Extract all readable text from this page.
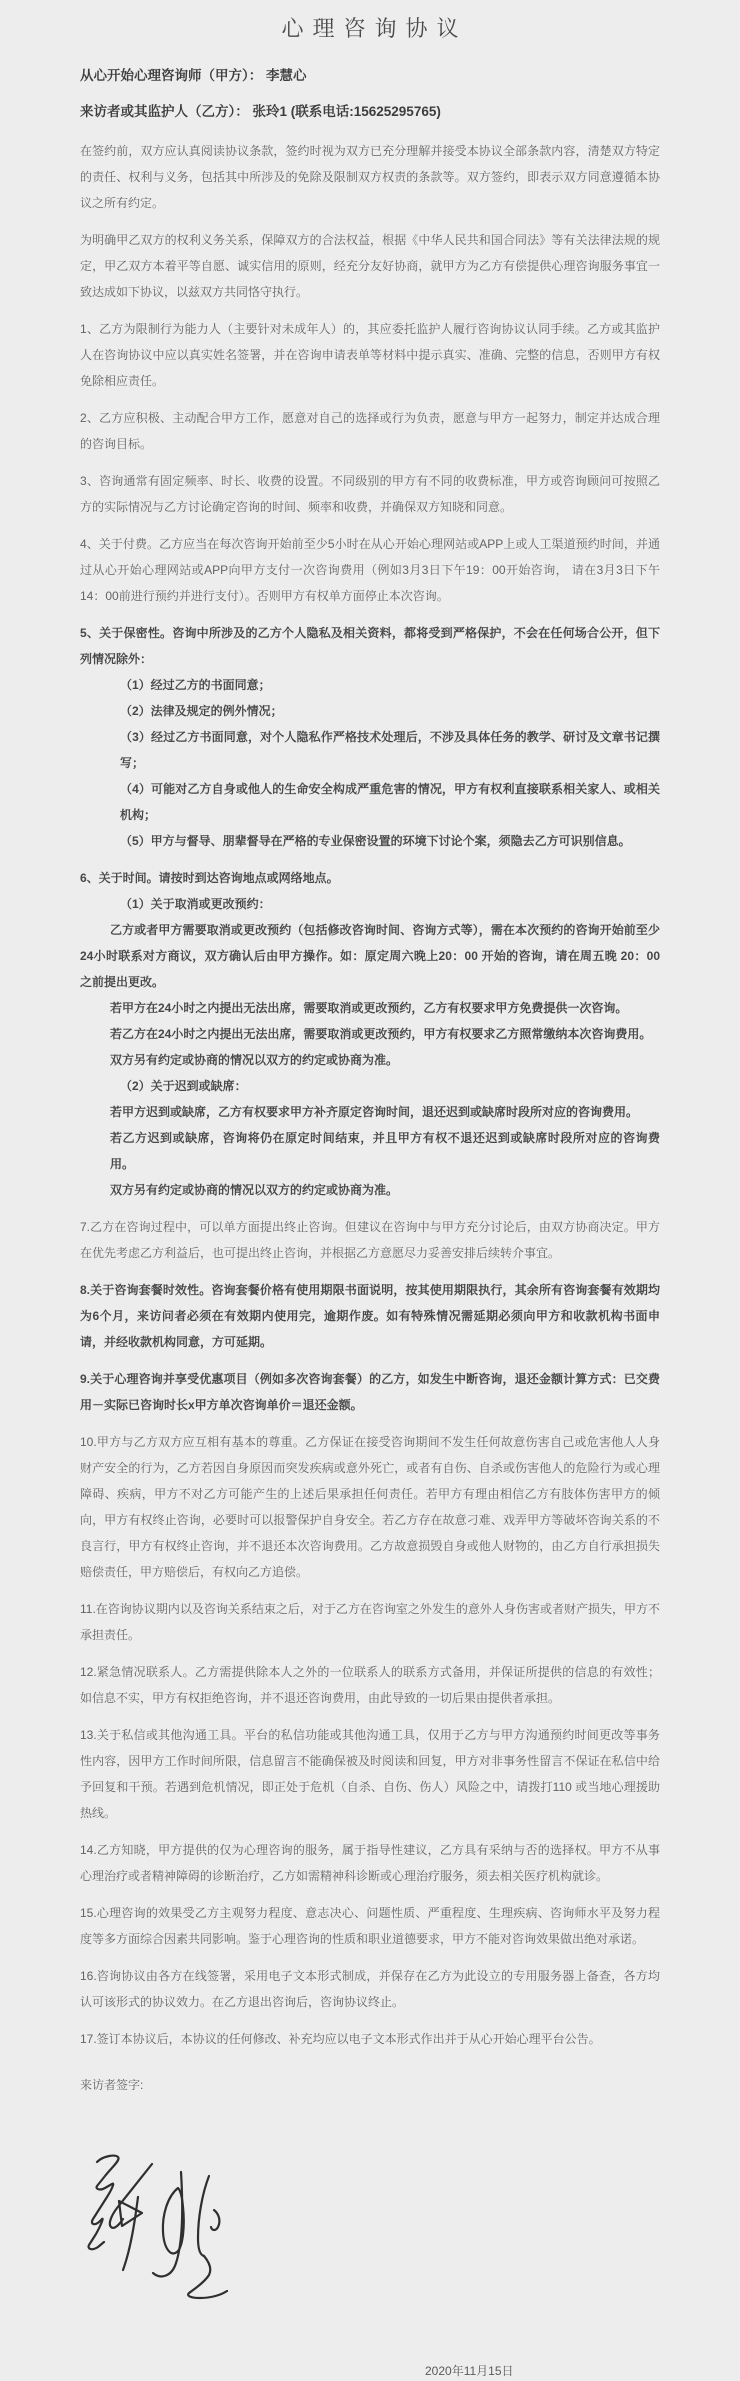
心理咨询协议

从心开始心理咨询师（甲方）： 李慧心

来访者或其监护人（乙方）： 张玲1 (联系电话:15625295765)

在签约前，双方应认真阅读协议条款，签约时视为双方已充分理解并接受本协议全部条款内容，清楚双方特定的责任、权利与义务，包括其中所涉及的免除及限制双方权责的条款等。双方签约，即表示双方同意遵循本协议之所有约定。

为明确甲乙双方的权利义务关系，保障双方的合法权益，根据《中华人民共和国合同法》等有关法律法规的规定，甲乙双方本着平等自愿、诚实信用的原则，经充分友好协商，就甲方为乙方有偿提供心理咨询服务事宜一致达成如下协议，以兹双方共同恪守执行。

1、乙方为限制行为能力人（主要针对未成年人）的，其应委托监护人履行咨询协议认同手续。乙方或其监护人在咨询协议中应以真实姓名签署，并在咨询申请表单等材料中提示真实、准确、完整的信息，否则甲方有权免除相应责任。

2、乙方应积极、主动配合甲方工作，愿意对自己的选择或行为负责，愿意与甲方一起努力，制定并达成合理的咨询目标。

3、咨询通常有固定频率、时长、收费的设置。不同级别的甲方有不同的收费标准，甲方或咨询顾问可按照乙方的实际情况与乙方讨论确定咨询的时间、频率和收费，并确保双方知晓和同意。

4、关于付费。乙方应当在每次咨询开始前至少5小时在从心开始心理网站或APP上或人工渠道预约时间，并通过从心开始心理网站或APP向甲方支付一次咨询费用（例如3月3日下午19：00开始咨询， 请在3月3日下午14：00前进行预约并进行支付）。否则甲方有权单方面停止本次咨询。

5、关于保密性。咨询中所涉及的乙方个人隐私及相关资料，都将受到严格保护，不会在任何场合公开，但下列情况除外：

（1）经过乙方的书面同意；

（2）法律及规定的例外情况；

（3）经过乙方书面同意，对个人隐私作严格技术处理后，不涉及具体任务的教学、研讨及文章书记撰写；

（4）可能对乙方自身或他人的生命安全构成严重危害的情况，甲方有权利直接联系相关家人、或相关机构；

（5）甲方与督导、朋辈督导在严格的专业保密设置的环境下讨论个案，须隐去乙方可识别信息。

6、关于时间。请按时到达咨询地点或网络地点。

（1）关于取消或更改预约：

乙方或者甲方需要取消或更改预约（包括修改咨询时间、咨询方式等），需在本次预约的咨询开始前至少24小时联系对方商议，双方确认后由甲方操作。如：原定周六晚上20：00 开始的咨询，请在周五晚 20：00 之前提出更改。

若甲方在24小时之内提出无法出席，需要取消或更改预约，乙方有权要求甲方免费提供一次咨询。

若乙方在24小时之内提出无法出席，需要取消或更改预约，甲方有权要求乙方照常缴纳本次咨询费用。

双方另有约定或协商的情况以双方的约定或协商为准。

（2）关于迟到或缺席：

若甲方迟到或缺席，乙方有权要求甲方补齐原定咨询时间，退还迟到或缺席时段所对应的咨询费用。

若乙方迟到或缺席，咨询将仍在原定时间结束，并且甲方有权不退还迟到或缺席时段所对应的咨询费用。

双方另有约定或协商的情况以双方的约定或协商为准。

7.乙方在咨询过程中，可以单方面提出终止咨询。但建议在咨询中与甲方充分讨论后，由双方协商决定。甲方在优先考虑乙方利益后，也可提出终止咨询，并根据乙方意愿尽力妥善安排后续转介事宜。

8.关于咨询套餐时效性。咨询套餐价格有使用期限书面说明，按其使用期限执行，其余所有咨询套餐有效期均为6个月，来访问者必须在有效期内使用完，逾期作废。如有特殊情况需延期必须向甲方和收款机构书面申请，并经收款机构同意，方可延期。

9.关于心理咨询并享受优惠项目（例如多次咨询套餐）的乙方，如发生中断咨询，退还金额计算方式：已交费用－实际已咨询时长x甲方单次咨询单价＝退还金额。

10.甲方与乙方双方应互相有基本的尊重。乙方保证在接受咨询期间不发生任何故意伤害自己或危害他人人身财产安全的行为，乙方若因自身原因而突发疾病或意外死亡，或者有自伤、自杀或伤害他人的危险行为或心理障碍、疾病，甲方不对乙方可能产生的上述后果承担任何责任。若甲方有理由相信乙方有肢体伤害甲方的倾向，甲方有权终止咨询，必要时可以报警保护自身安全。若乙方存在故意刁难、戏弄甲方等破坏咨询关系的不良言行，甲方有权终止咨询，并不退还本次咨询费用。乙方故意损毁自身或他人财物的，由乙方自行承担损失赔偿责任，甲方赔偿后，有权向乙方追偿。

11.在咨询协议期内以及咨询关系结束之后，对于乙方在咨询室之外发生的意外人身伤害或者财产损失，甲方不承担责任。

12.紧急情况联系人。乙方需提供除本人之外的一位联系人的联系方式备用，并保证所提供的信息的有效性；如信息不实，甲方有权拒绝咨询，并不退还咨询费用，由此导致的一切后果由提供者承担。

13.关于私信或其他沟通工具。平台的私信功能或其他沟通工具，仅用于乙方与甲方沟通预约时间更改等事务性内容，因甲方工作时间所限，信息留言不能确保被及时阅读和回复，甲方对非事务性留言不保证在私信中给予回复和干预。若遇到危机情况，即正处于危机（自杀、自伤、伤人）风险之中，请拨打110 或当地心理援助热线。

14.乙方知晓，甲方提供的仅为心理咨询的服务，属于指导性建议，乙方具有采纳与否的选择权。甲方不从事心理治疗或者精神障碍的诊断治疗，乙方如需精神科诊断或心理治疗服务，须去相关医疗机构就诊。

15.心理咨询的效果受乙方主观努力程度、意志决心、问题性质、严重程度、生理疾病、咨询师水平及努力程度等多方面综合因素共同影响。鉴于心理咨询的性质和职业道德要求，甲方不能对咨询效果做出绝对承诺。

16.咨询协议由各方在线签署，采用电子文本形式制成，并保存在乙方为此设立的专用服务器上备查，各方均认可该形式的协议效力。在乙方退出咨询后，咨询协议终止。

17.签订本协议后，本协议的任何修改、补充均应以电子文本形式作出并于从心开始心理平台公告。

来访者签字:

2020年11月15日
